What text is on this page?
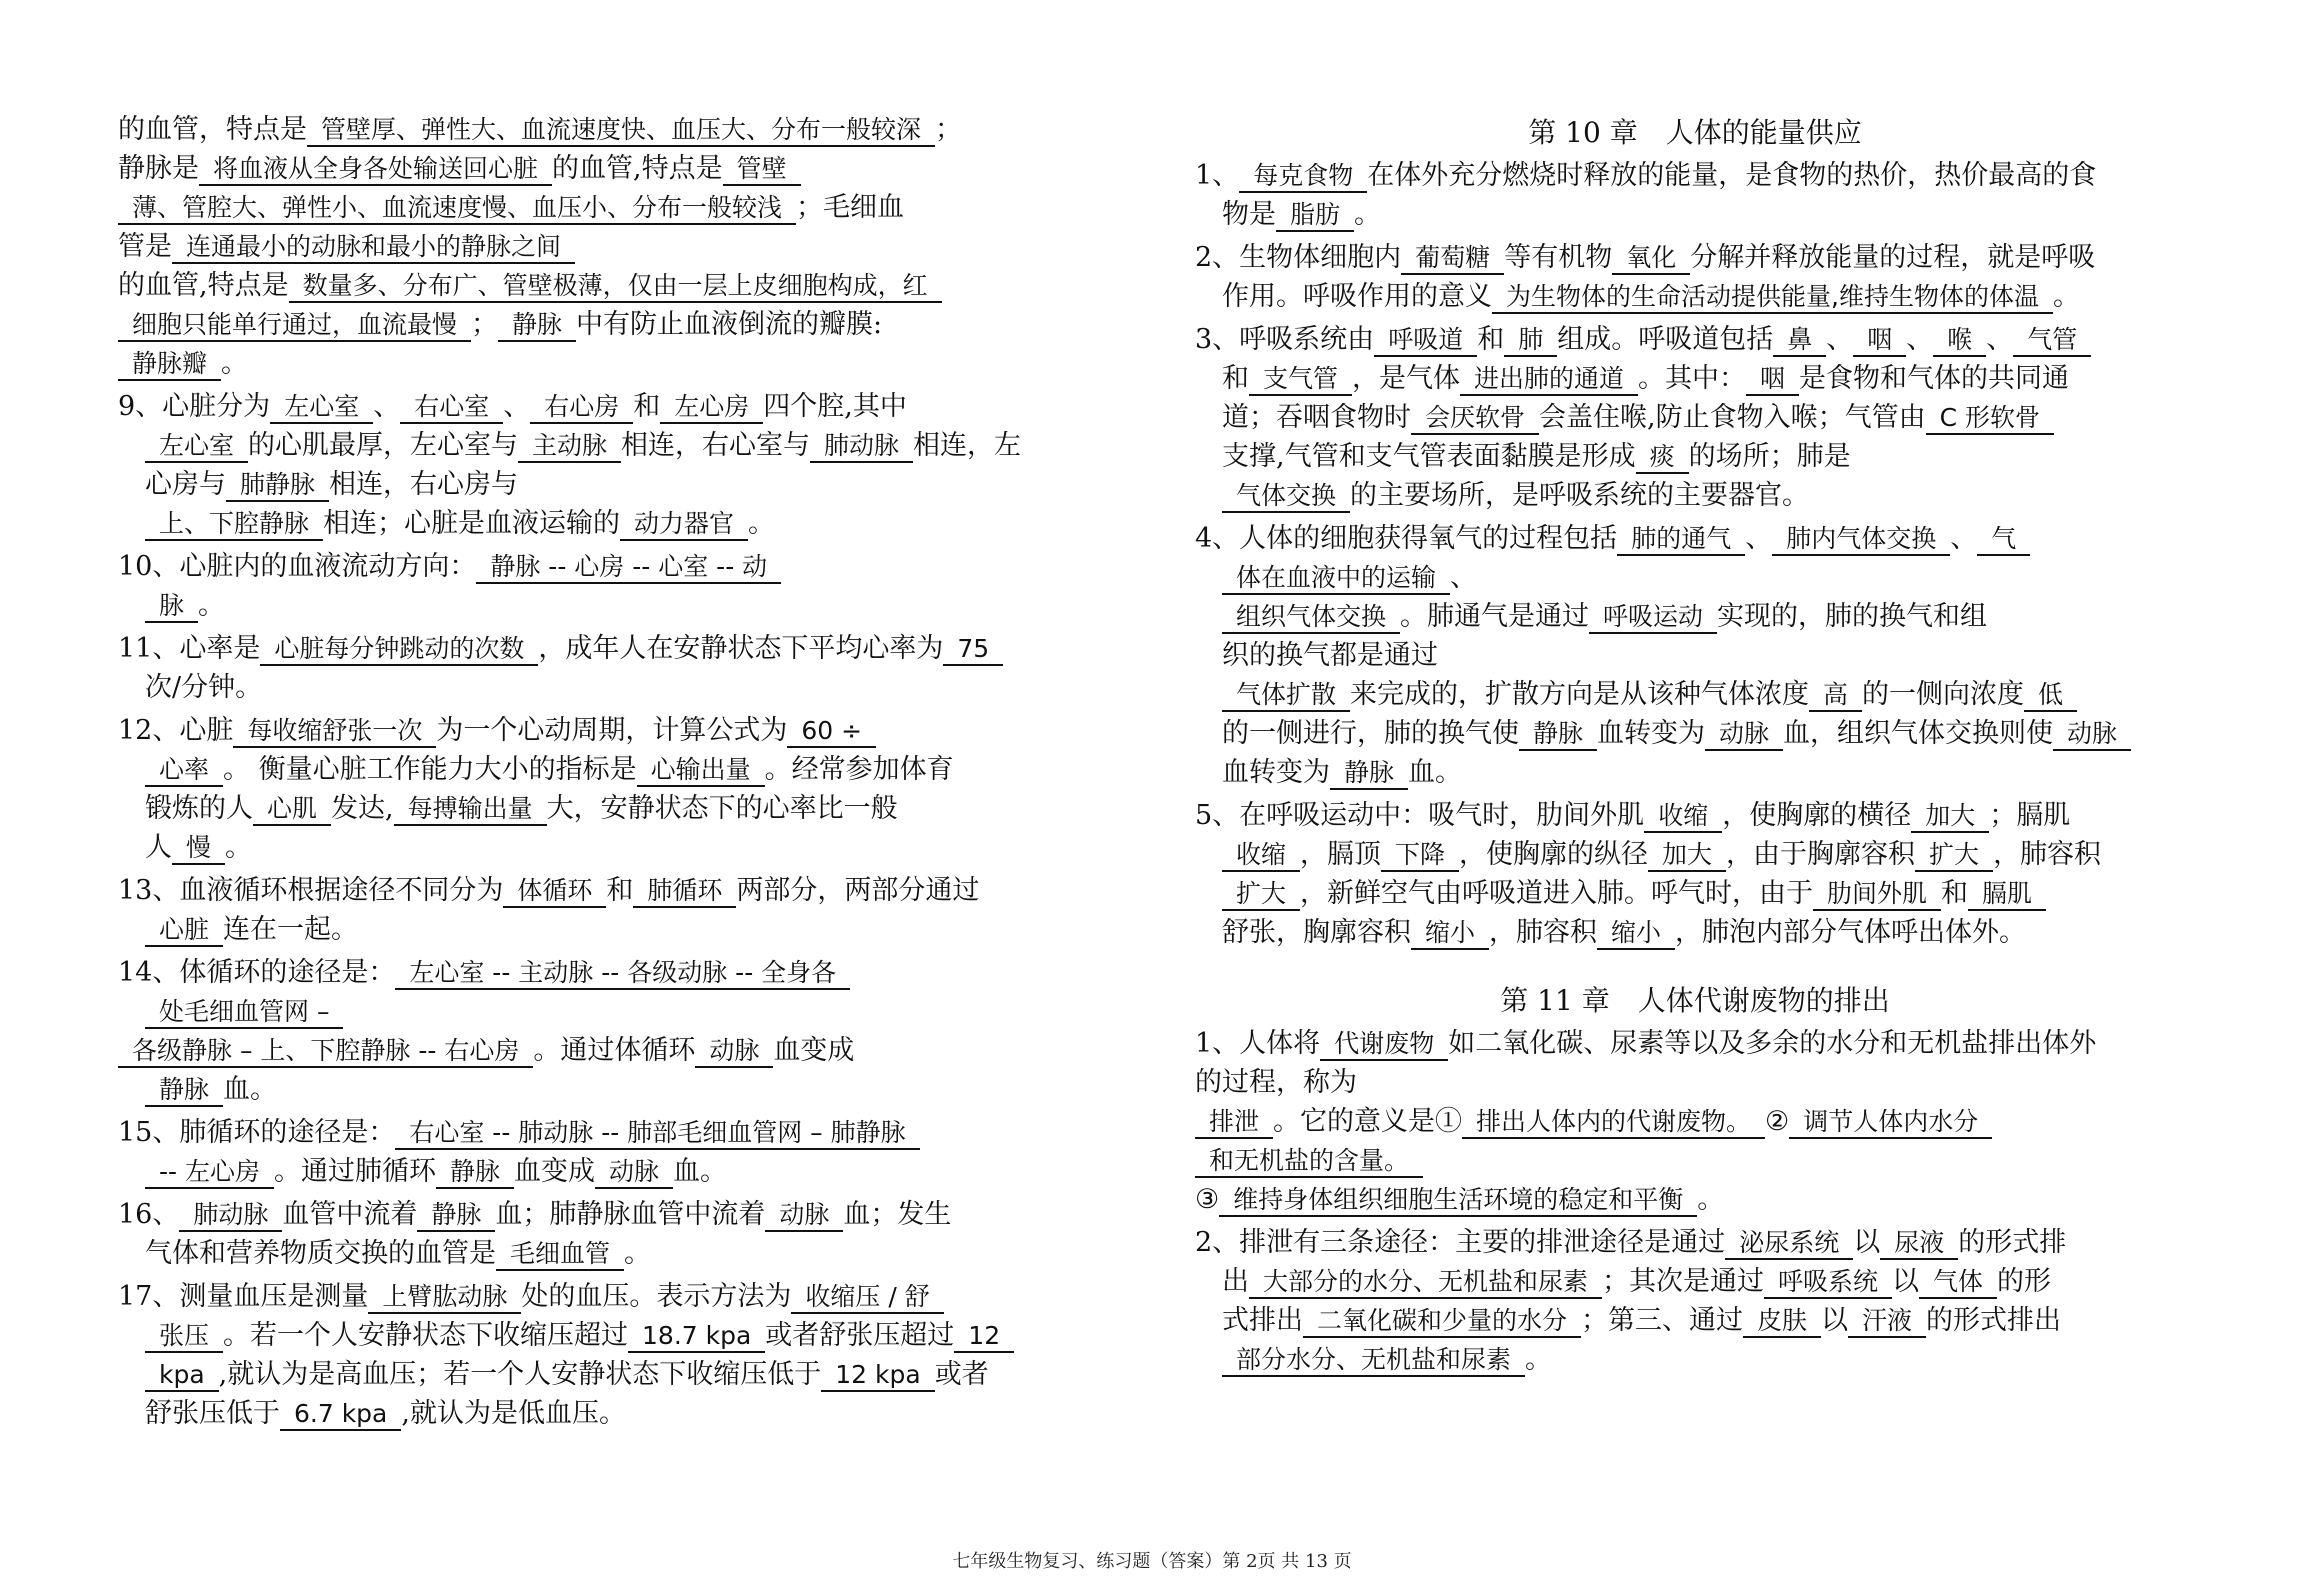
的血管，特点是 管壁厚、弹性大、血流速度快、血压大、分布一般较深 ；
静脉是 将血液从全身各处输送回心脏 的血管,特点是 管壁
薄、管腔大、弹性小、血流速度慢、血压小、分布一般较浅 ；毛细血
管是 连通最小的动脉和最小的静脉之间
的血管,特点是 数量多、分布广、管壁极薄，仅由一层上皮细胞构成，红
细胞只能单行通过，血流最慢 ； 静脉 中有防止血液倒流的瓣膜:
静脉瓣 。
9、心脏分为 左心室 、 右心室 、 右心房 和 左心房 四个腔,其中
左心室 的心肌最厚，左心室与 主动脉 相连，右心室与 肺动脉 相连，左
心房与 肺静脉 相连，右心房与
上、下腔静脉 相连；心脏是血液运输的 动力器官 。
10、心脏内的血液流动方向： 静脉 -- 心房 -- 心室 -- 动
脉 。
11、心率是 心脏每分钟跳动的次数 ，成年人在安静状态下平均心率为 75
次/分钟。
12、心脏 每收缩舒张一次 为一个心动周期，计算公式为 60 ÷
心率 。 衡量心脏工作能力大小的指标是 心输出量 。经常参加体育
锻炼的人 心肌 发达, 每搏输出量 大，安静状态下的心率比一般
人 慢 。
13、血液循环根据途径不同分为 体循环 和 肺循环 两部分，两部分通过
心脏 连在一起。
14、体循环的途径是： 左心室 -- 主动脉 -- 各级动脉 -- 全身各
处毛细血管网 –
各级静脉 – 上、下腔静脉 -- 右心房 。通过体循环 动脉 血变成
静脉 血。
15、肺循环的途径是： 右心室 -- 肺动脉 -- 肺部毛细血管网 – 肺静脉
-- 左心房 。通过肺循环 静脉 血变成 动脉 血。
16、 肺动脉 血管中流着 静脉 血；肺静脉血管中流着 动脉 血；发生
气体和营养物质交换的血管是 毛细血管 。
17、测量血压是测量 上臂肱动脉 处的血压。表示方法为 收缩压 / 舒
张压 。若一个人安静状态下收缩压超过 18.7 kpa 或者舒张压超过 12
kpa ,就认为是高血压；若一个人安静状态下收缩压低于 12 kpa 或者
舒张压低于 6.7 kpa ,就认为是低血压。
第 10 章　人体的能量供应
1、 每克食物 在体外充分燃烧时释放的能量，是食物的热价，热价最高的食
物是 脂肪 。
2、生物体细胞内 葡萄糖 等有机物 氧化 分解并释放能量的过程，就是呼吸
作用。呼吸作用的意义 为生物体的生命活动提供能量,维持生物体的体温 。
3、呼吸系统由 呼吸道 和 肺 组成。呼吸道包括 鼻 、 咽 、 喉 、 气管
和 支气管 ，是气体 进出肺的通道 。其中： 咽 是食物和气体的共同通
道；吞咽食物时 会厌软骨 会盖住喉,防止食物入喉；气管由 C 形软骨
支撑,气管和支气管表面黏膜是形成 痰 的场所；肺是
气体交换 的主要场所，是呼吸系统的主要器官。
4、人体的细胞获得氧气的过程包括 肺的通气 、 肺内气体交换 、 气
体在血液中的运输 、
组织气体交换 。肺通气是通过 呼吸运动 实现的，肺的换气和组
织的换气都是通过
气体扩散 来完成的，扩散方向是从该种气体浓度 高 的一侧向浓度 低
的一侧进行，肺的换气使 静脉 血转变为 动脉 血，组织气体交换则使 动脉
血转变为 静脉 血。
5、在呼吸运动中：吸气时，肋间外肌 收缩 ，使胸廓的横径 加大 ；膈肌
收缩 ，膈顶 下降 ，使胸廓的纵径 加大 ，由于胸廓容积 扩大 ，肺容积
扩大 ，新鲜空气由呼吸道进入肺。呼气时，由于 肋间外肌 和 膈肌
舒张，胸廓容积 缩小 ，肺容积 缩小 ，肺泡内部分气体呼出体外。
第 11 章　人体代谢废物的排出
1、人体将 代谢废物 如二氧化碳、尿素等以及多余的水分和无机盐排出体外
的过程，称为
排泄 。它的意义是① 排出人体内的代谢废物。 ② 调节人体内水分
和无机盐的含量。
③ 维持身体组织细胞生活环境的稳定和平衡 。
2、排泄有三条途径：主要的排泄途径是通过 泌尿系统 以 尿液 的形式排
出 大部分的水分、无机盐和尿素 ；其次是通过 呼吸系统 以 气体 的形
式排出 二氧化碳和少量的水分 ；第三、通过 皮肤 以 汗液 的形式排出
部分水分、无机盐和尿素 。
七年级生物复习、练习题（答案）第 2页 共 13 页
